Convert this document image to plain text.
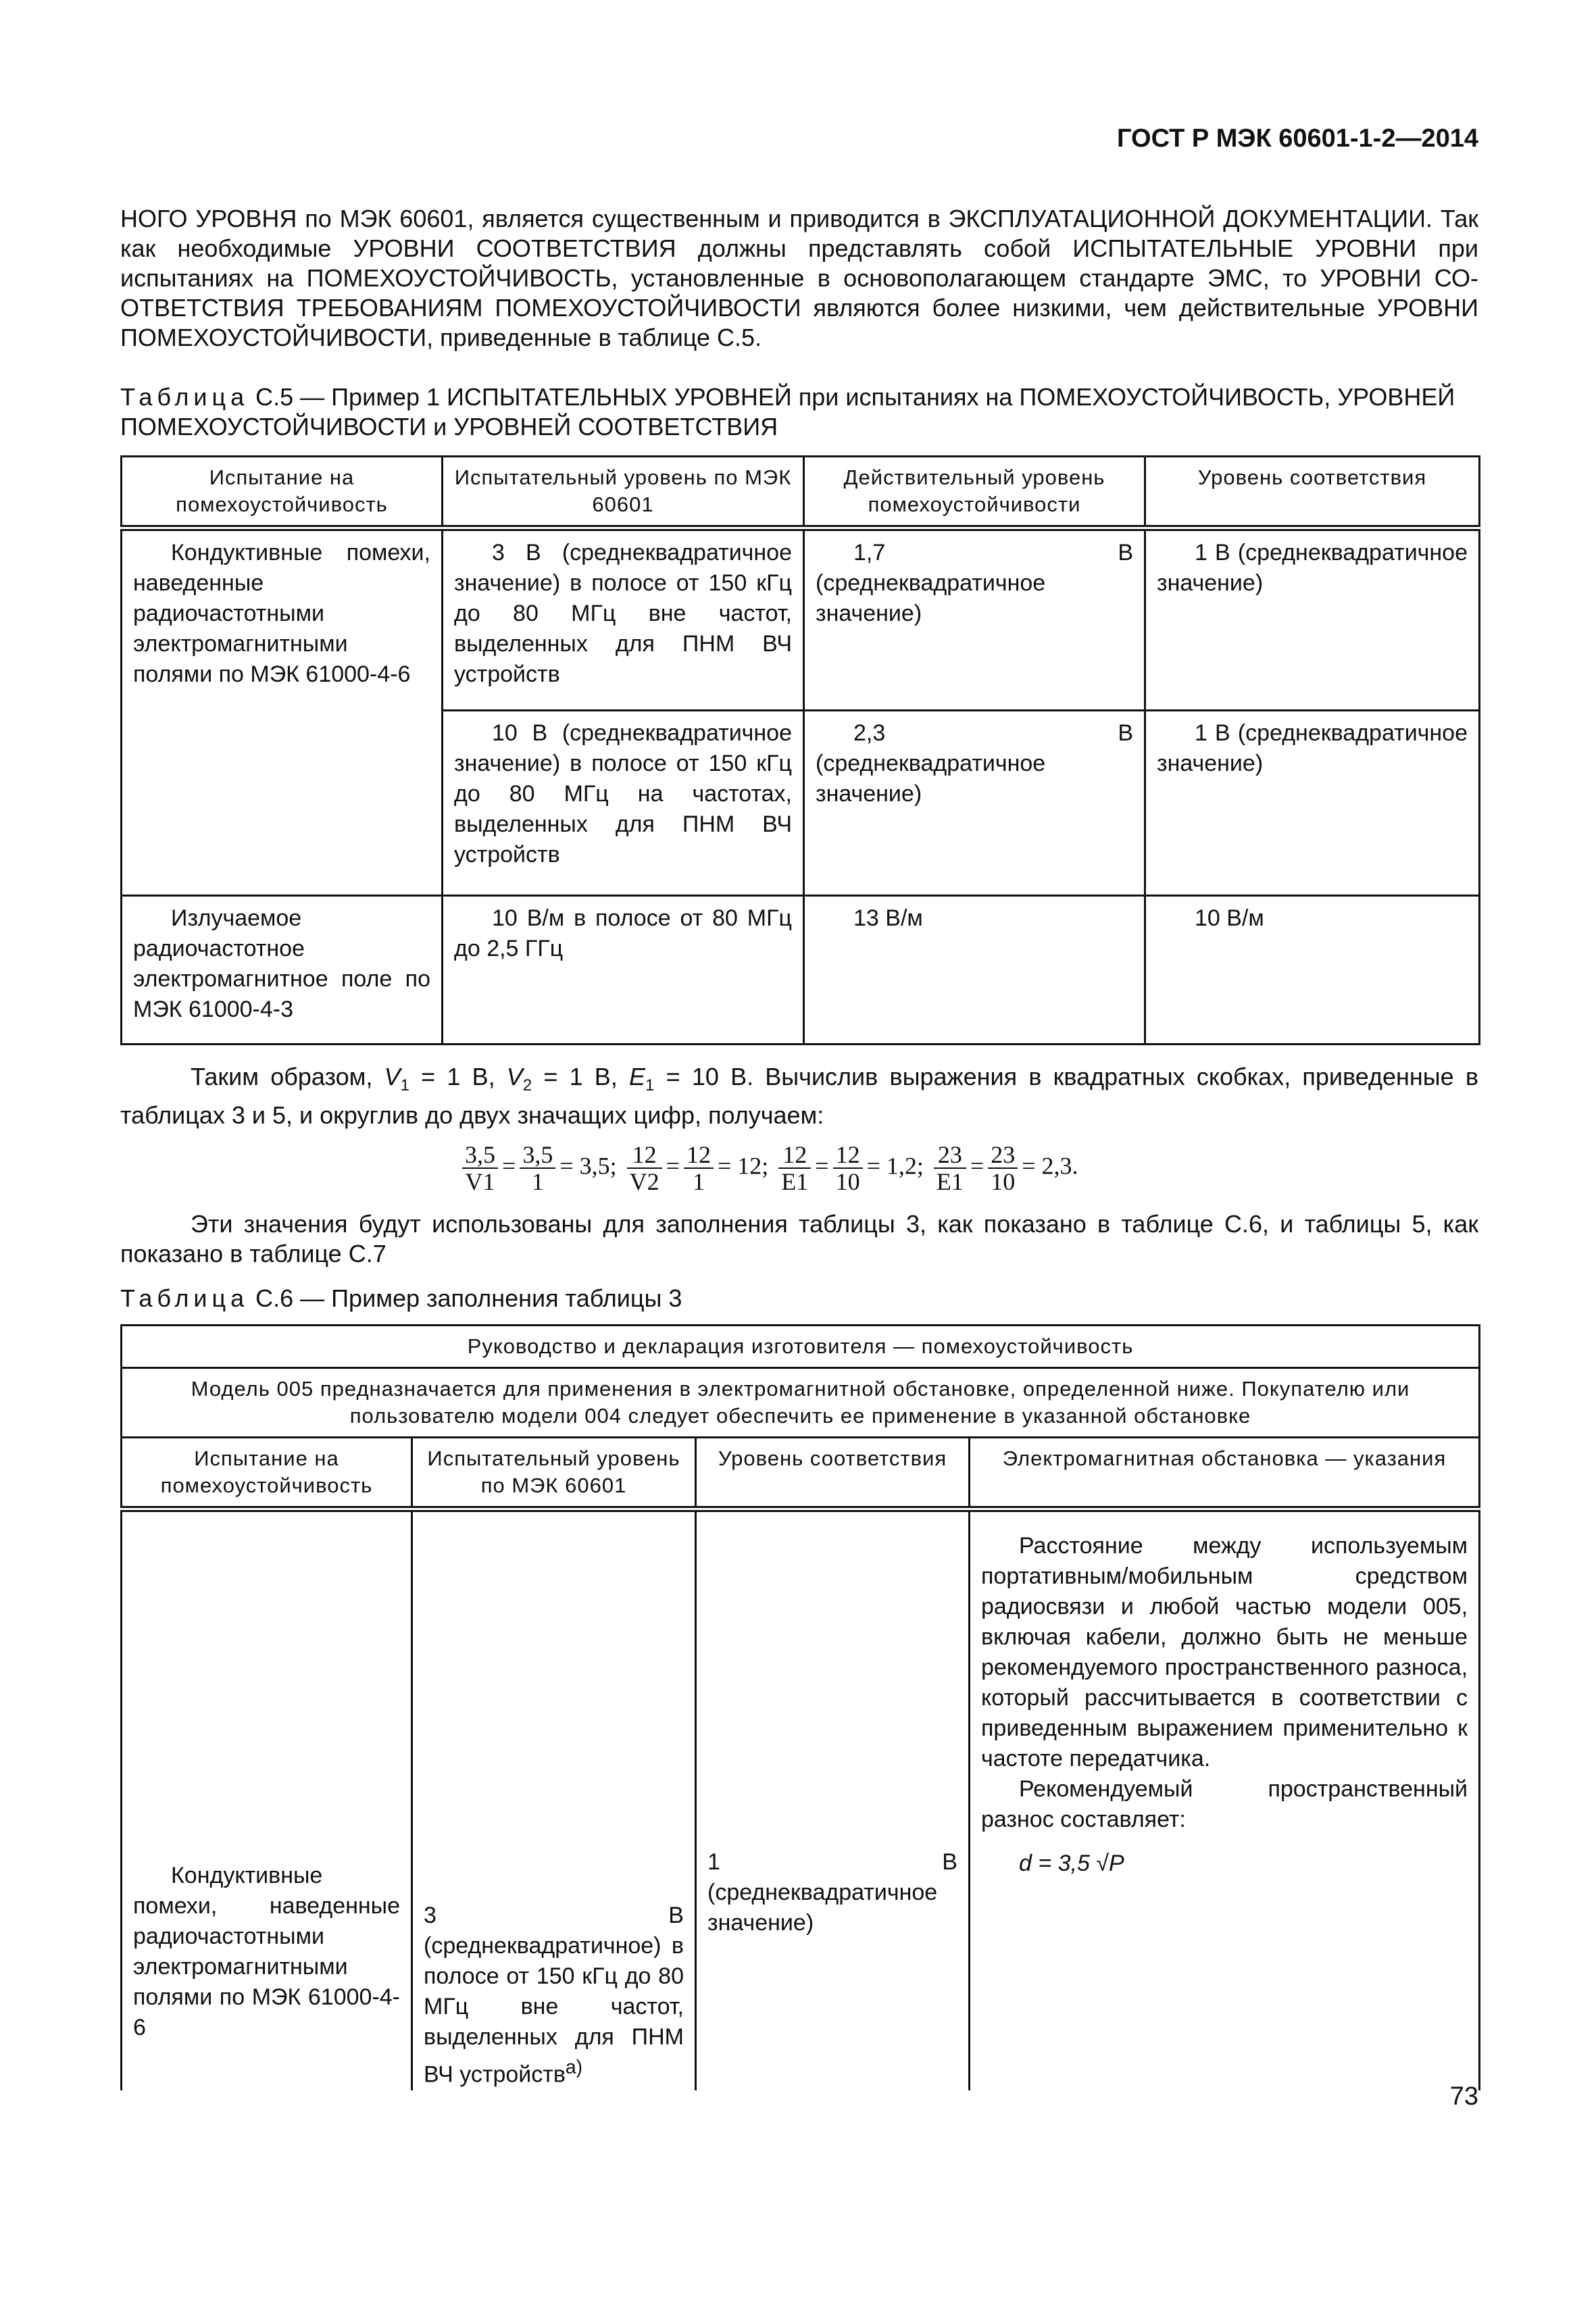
ГОСТ Р МЭК 60601-1-2—2014
НОГО УРОВНЯ по МЭК 60601, является существенным и приводится в ЭКСПЛУАТАЦИОННОЙ ДОКУМЕНТАЦИИ. Так как необходимые УРОВНИ СООТВЕТСТВИЯ должны представлять собой ИСПЫТАТЕЛЬНЫЕ УРОВНИ при испытаниях на ПОМЕХОУСТОЙЧИВОСТЬ, установленные в основополагающем стандарте ЭМС, то УРОВНИ СО-ОТВЕТСТВИЯ ТРЕБОВАНИЯМ ПОМЕХОУСТОЙЧИВОСТИ являются более низкими, чем действительные УРОВНИ ПОМЕХОУСТОЙЧИВОСТИ, приведенные в таблице С.5.
Таблица С.5 — Пример 1 ИСПЫТАТЕЛЬНЫХ УРОВНЕЙ при испытаниях на ПОМЕХОУСТОЙЧИВОСТЬ, УРОВНЕЙ ПОМЕХОУСТОЙЧИВОСТИ и УРОВНЕЙ СООТВЕТСТВИЯ
Испытание на помехоустойчивость	Испытательный уровень по МЭК 60601	Действительный уровень помехоустойчивости	Уровень соответствия

Кондуктивные помехи, наведенные радиочастотными электромагнитными полями по МЭК 61000-4-6	3 В (среднеквадратичное значение) в полосе от 150 кГц до 80 МГц вне частот, выделенных для ПНМ ВЧ устройств	1,7 В (среднеквадратичное значение)	1 В (среднеквадратичное значение)

	10 В (среднеквадратичное значение) в полосе от 150 кГц до 80 МГц на частотах, выделенных для ПНМ ВЧ устройств	2,3 В (среднеквадратичное значение)	1 В (среднеквадратичное значение)

Излучаемое радиочастотное электромагнитное поле по МЭК 61000-4-3	10 В/м в полосе от 80 МГц до 2,5 ГГц	13 В/м	10 В/м
Таким образом, $V_1 = 1$ В, $V_2 = 1$ В, $E_1 = 10$ В. Вычислив выражения в квадратных скобках, приведенные в таблицах 3 и 5, и округлив до двух значащих цифр, получаем:
$\frac{3,5}{V1} = \frac{3,5}{1} = 3,5$; $\frac{12}{V2} = \frac{12}{1} = 12$; $\frac{12}{E1} = \frac{12}{10} = 1,2$; $\frac{23}{E1} = \frac{23}{10} = 2,3$.
Эти значения будут использованы для заполнения таблицы 3, как показано в таблице С.6, и таблицы 5, как показано в таблице С.7
Таблица С.6 — Пример заполнения таблицы 3
Руководство и декларация изготовителя — помехоустойчивость			
Модель 005 предназначается для применения в электромагнитной обстановке, определенной ниже. Покупателю или пользователю модели 004 следует обеспечить ее применение в указанной обстановке			
Испытание на помехоустойчивость	Испытательный уровень по МЭК 60601	Уровень соответствия	Электромагнитная обстановка — указания

Кондуктивные помехи, наведенные радиочастотными электромагнитными полями по МЭК 61000-4-6	3 В (среднеквадратичное) в полосе от 150 кГц до 80 МГц вне частот, выделенных для ПНМ ВЧ устройств$^{а)}$	1 В (среднеквадратичное значение)	Расстояние между используемым портативным/мобильным средством радиосвязи и любой частью модели 005, включая кабели, должно быть не меньше рекомендуемого пространственного разноса, который рассчитывается в соответствии с приведенным выражением применительно к частоте передатчика.
Рекомендуемый пространственный разнос составляет:
d = 3,5 √P
73
